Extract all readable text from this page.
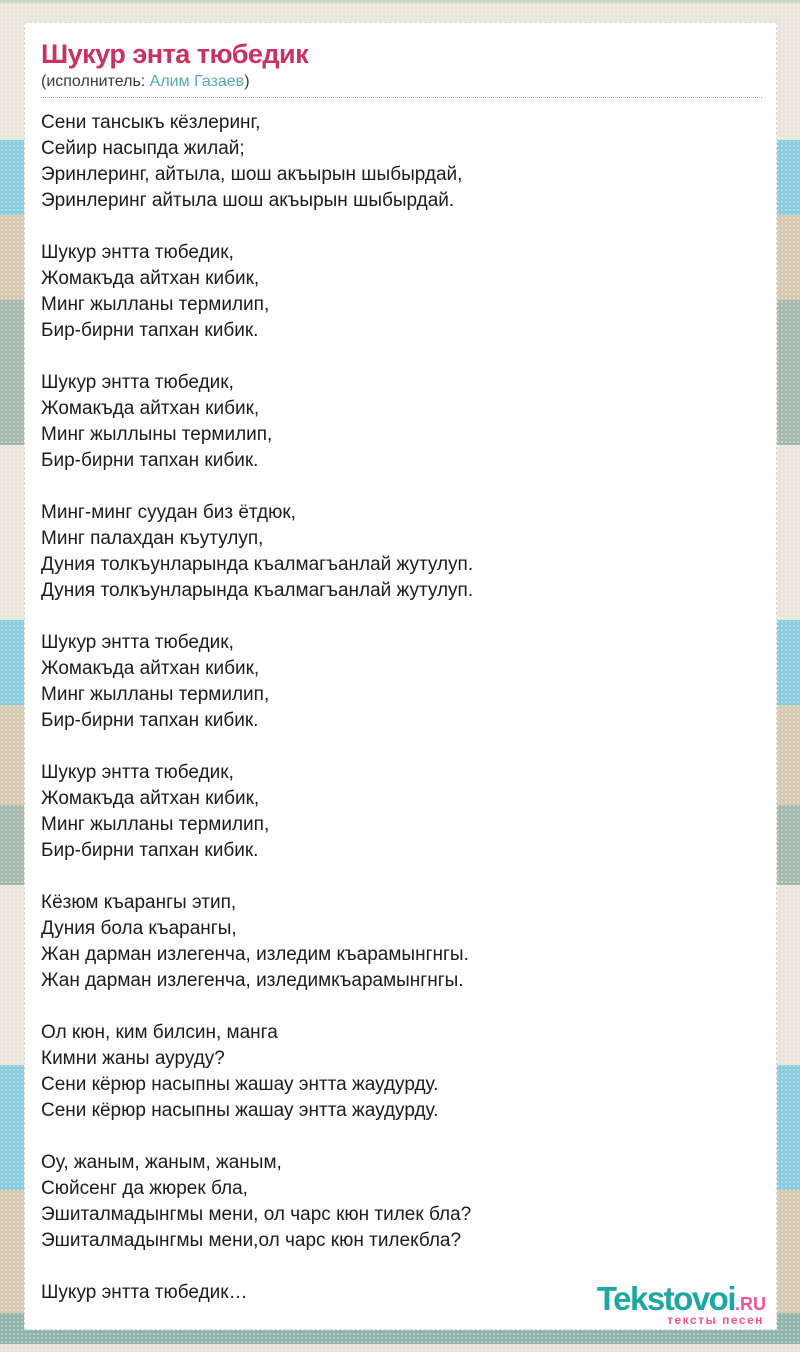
Шукур энта тюбедик
(исполнитель: Алим Газаев)

Сени тансыкъ кёзлеринг,

Сейир насыпда жилай;

Эринлеринг, айтыла, шош акъырын шыбырдай,

Эринлеринг айтыла шош акъырын шыбырдай.

Шукур энтта тюбедик,

Жомакъда айтхан кибик,

Минг жылланы термилип,

Бир-бирни тапхан кибик.

Шукур энтта тюбедик,

Жомакъда айтхан кибик,

Минг жыллыны термилип,

Бир-бирни тапхан кибик.

Минг-минг суудан биз ётдюк,

Минг палахдан къутулуп,

Дуния толкъунларында къалмагъанлай жутулуп.

Дуния толкъунларында къалмагъанлай жутулуп.

Шукур энтта тюбедик,

Жомакъда айтхан кибик,

Минг жылланы термилип,

Бир-бирни тапхан кибик.

Шукур энтта тюбедик,

Жомакъда айтхан кибик,

Минг жылланы термилип,

Бир-бирни тапхан кибик.

Кёзюм къарангы этип,

Дуния бола къарангы,

Жан дарман излегенча, изледим къарамынгнгы.

Жан дарман излегенча, изледимкъарамынгнгы.

Ол кюн, ким билсин, манга

Кимни жаны ауруду?

Сени кёрюр насыпны жашау энтта жаудурду.

Сени кёрюр насыпны жашау энтта жаудурду.

Оу, жаным, жаным, жаным,

Сюйсенг да жюрек бла,

Эшиталмадынгмы мени, ол чарс кюн тилек бла?

Эшиталмадынгмы мени,ол чарс кюн тилекбла?

Шукур энтта тюбедик…	Tekstovoi.RU
тексты песен
